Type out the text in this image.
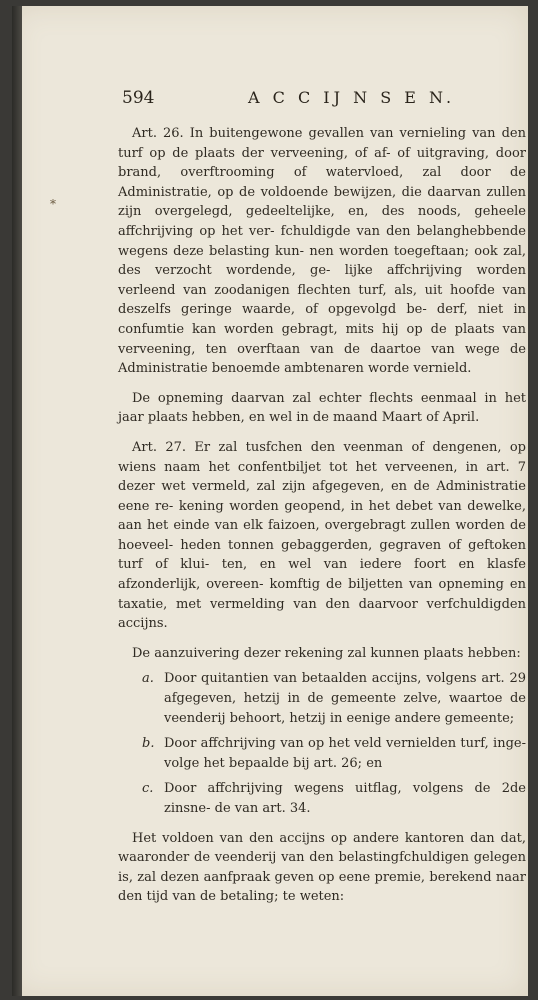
594	A C C IJ N S E N.
*

Art. 26. In buitengewone gevallen van vernieling van den turf op de plaats der verveening, of af- of uitgraving, door brand, overftrooming of watervloed, zal door de Administratie, op de voldoende bewijzen, die daarvan zullen zijn overgelegd, gedeeltelijke, en, des noods, geheele affchrijving op het ver- fchuldigde van den belanghebbende wegens deze belasting kun- nen worden toegeftaan; ook zal, des verzocht wordende, ge- lijke affchrijving worden verleend van zoodanigen flechten turf, als, uit hoofde van deszelfs geringe waarde, of opgevolgd be- derf, niet in confumtie kan worden gebragt, mits hij op de plaats van verveening, ten overftaan van de daartoe van wege de Administratie benoemde ambtenaren worde vernield.

De opneming daarvan zal echter flechts eenmaal in het jaar plaats hebben, en wel in de maand Maart of April.

Art. 27. Er zal tusfchen den veenman of dengenen, op wiens naam het confentbiljet tot het verveenen, in art. 7 dezer wet vermeld, zal zijn afgegeven, en de Administratie eene re- kening worden geopend, in het debet van dewelke, aan het einde van elk faizoen, overgebragt zullen worden de hoeveel- heden tonnen gebaggerden, gegraven of geftoken turf of klui- ten, en wel van iedere foort en klasfe afzonderlijk, overeen- komftig de biljetten van opneming en taxatie, met vermelding van den daarvoor verfchuldigden accijns.

De aanzuivering dezer rekening zal kunnen plaats hebben:

a. Door quitantien van betaalden accijns, volgens art. 29 afgegeven, hetzij in de gemeente zelve, waartoe de veenderij behoort, hetzij in eenige andere gemeente;
b. Door affchrijving van op het veld vernielden turf, inge- volge het bepaalde bij art. 26; en
c. Door affchrijving wegens uitflag, volgens de 2de zinsne- de van art. 34.

Het voldoen van den accijns op andere kantoren dan dat, waaronder de veenderij van den belastingfchuldigen gelegen is, zal dezen aanfpraak geven op eene premie, berekend naar den tijd van de betaling; te weten:
